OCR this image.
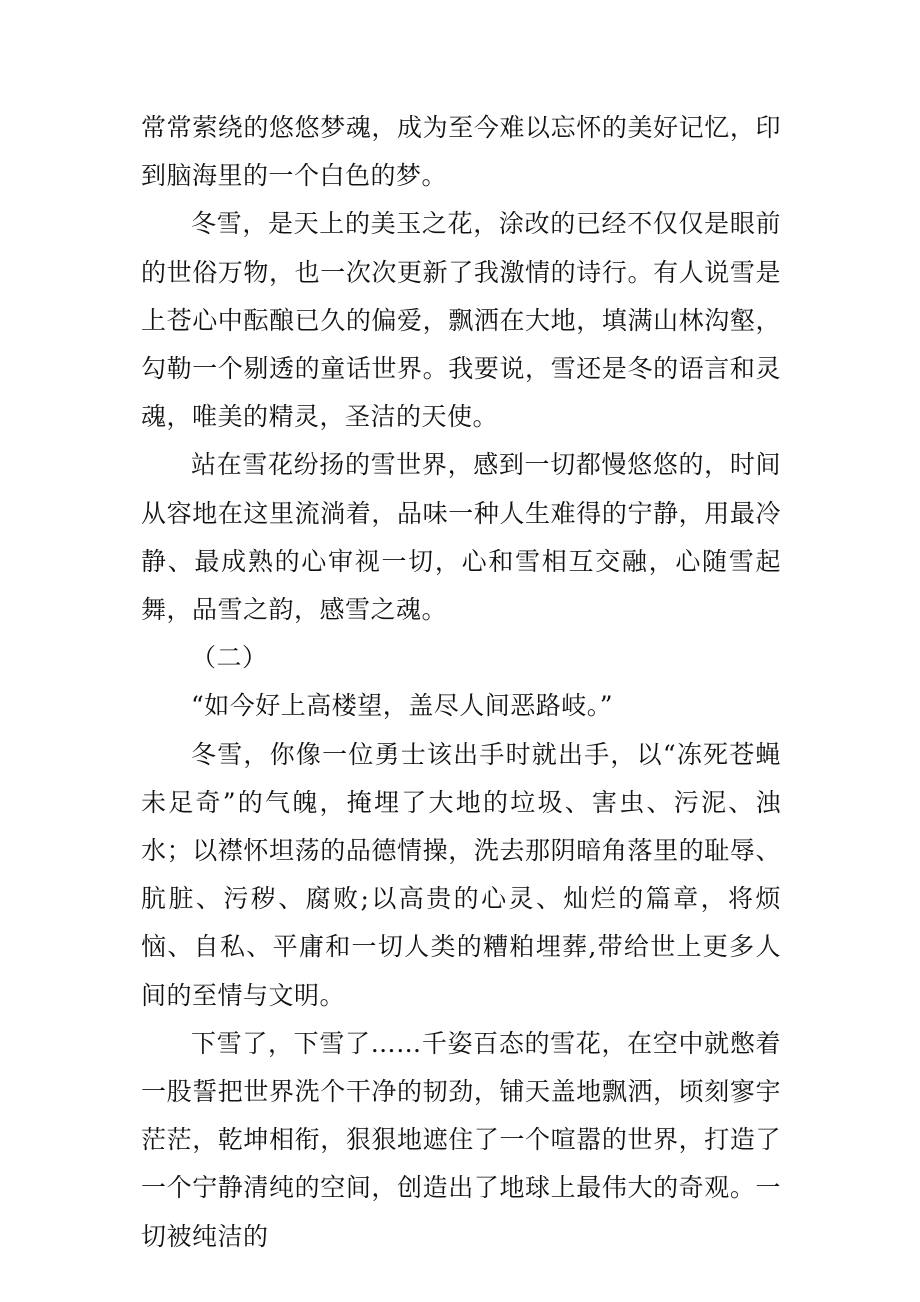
常常萦绕的悠悠梦魂，成为至今难以忘怀的美好记忆，印到脑海里的一个白色的梦。

冬雪，是天上的美玉之花，涂改的已经不仅仅是眼前的世俗万物，也一次次更新了我激情的诗行。有人说雪是上苍心中酝酿已久的偏爱，飘洒在大地，填满山林沟壑，勾勒一个剔透的童话世界。我要说，雪还是冬的语言和灵魂，唯美的精灵，圣洁的天使。

站在雪花纷扬的雪世界，感到一切都慢悠悠的，时间从容地在这里流淌着，品味一种人生难得的宁静，用最冷静、最成熟的心审视一切，心和雪相互交融，心随雪起舞，品雪之韵，感雪之魂。

（二）

“如今好上高楼望，盖尽人间恶路岐。”

冬雪，你像一位勇士该出手时就出手，以“冻死苍蝇未足奇”的气魄，掩埋了大地的垃圾、害虫、污泥、浊水；以襟怀坦荡的品德情操，洗去那阴暗角落里的耻辱、肮脏、污秽、腐败;以高贵的心灵、灿烂的篇章，将烦恼、自私、平庸和一切人类的糟粕埋葬,带给世上更多人间的至情与文明。

下雪了，下雪了……千姿百态的雪花，在空中就憋着一股誓把世界洗个干净的韧劲，铺天盖地飘洒，顷刻寥宇茫茫，乾坤相衔，狠狠地遮住了一个喧嚣的世界，打造了一个宁静清纯的空间，创造出了地球上最伟大的奇观。一切被纯洁的
